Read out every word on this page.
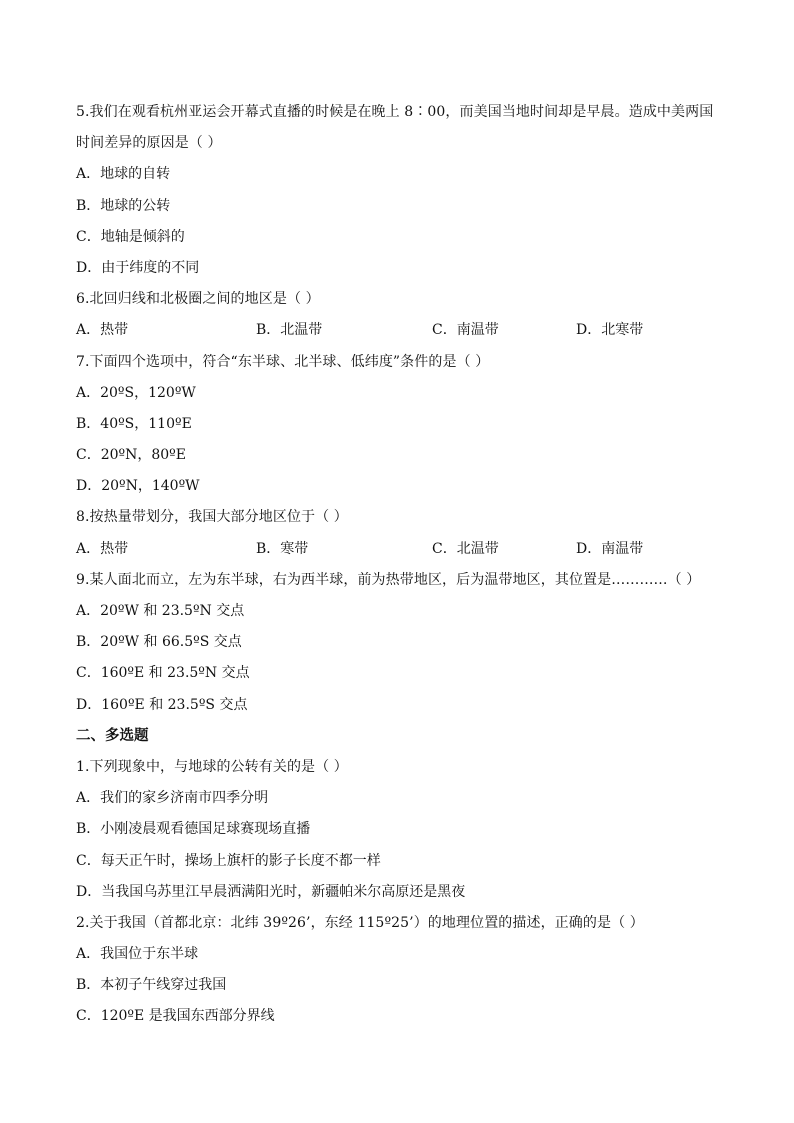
5.我们在观看杭州亚运会开幕式直播的时候是在晚上 8∶00，而美国当地时间却是早晨。造成中美两国
时间差异的原因是（ ）
A．地球的自转
B．地球的公转
C．地轴是倾斜的
D．由于纬度的不同
6.北回归线和北极圈之间的地区是（ ）
A．热带	B．北温带	C．南温带	D．北寒带
7.下面四个选项中，符合“东半球、北半球、低纬度”条件的是（ ）
A．20ºS，120ºW
B．40ºS，110ºE
C．20ºN，80ºE
D．20ºN，140ºW
8.按热量带划分，我国大部分地区位于（ ）
A．热带	B．寒带	C．北温带	D．南温带
9.某人面北而立，左为东半球，右为西半球，前为热带地区，后为温带地区，其位置是…………（ ）
A．20ºW 和 23.5ºN 交点
B．20ºW 和 66.5ºS 交点
C．160ºE 和 23.5ºN 交点
D．160ºE 和 23.5ºS 交点
二、多选题
1.下列现象中，与地球的公转有关的是（ ）
A．我们的家乡济南市四季分明
B．小刚凌晨观看德国足球赛现场直播
C．每天正午时，操场上旗杆的影子长度不都一样
D．当我国乌苏里江早晨洒满阳光时，新疆帕米尔高原还是黑夜
2.关于我国（首都北京：北纬 39º26’，东经 115º25’）的地理位置的描述，正确的是（ ）
A．我国位于东半球
B．本初子午线穿过我国
C．120ºE 是我国东西部分界线
